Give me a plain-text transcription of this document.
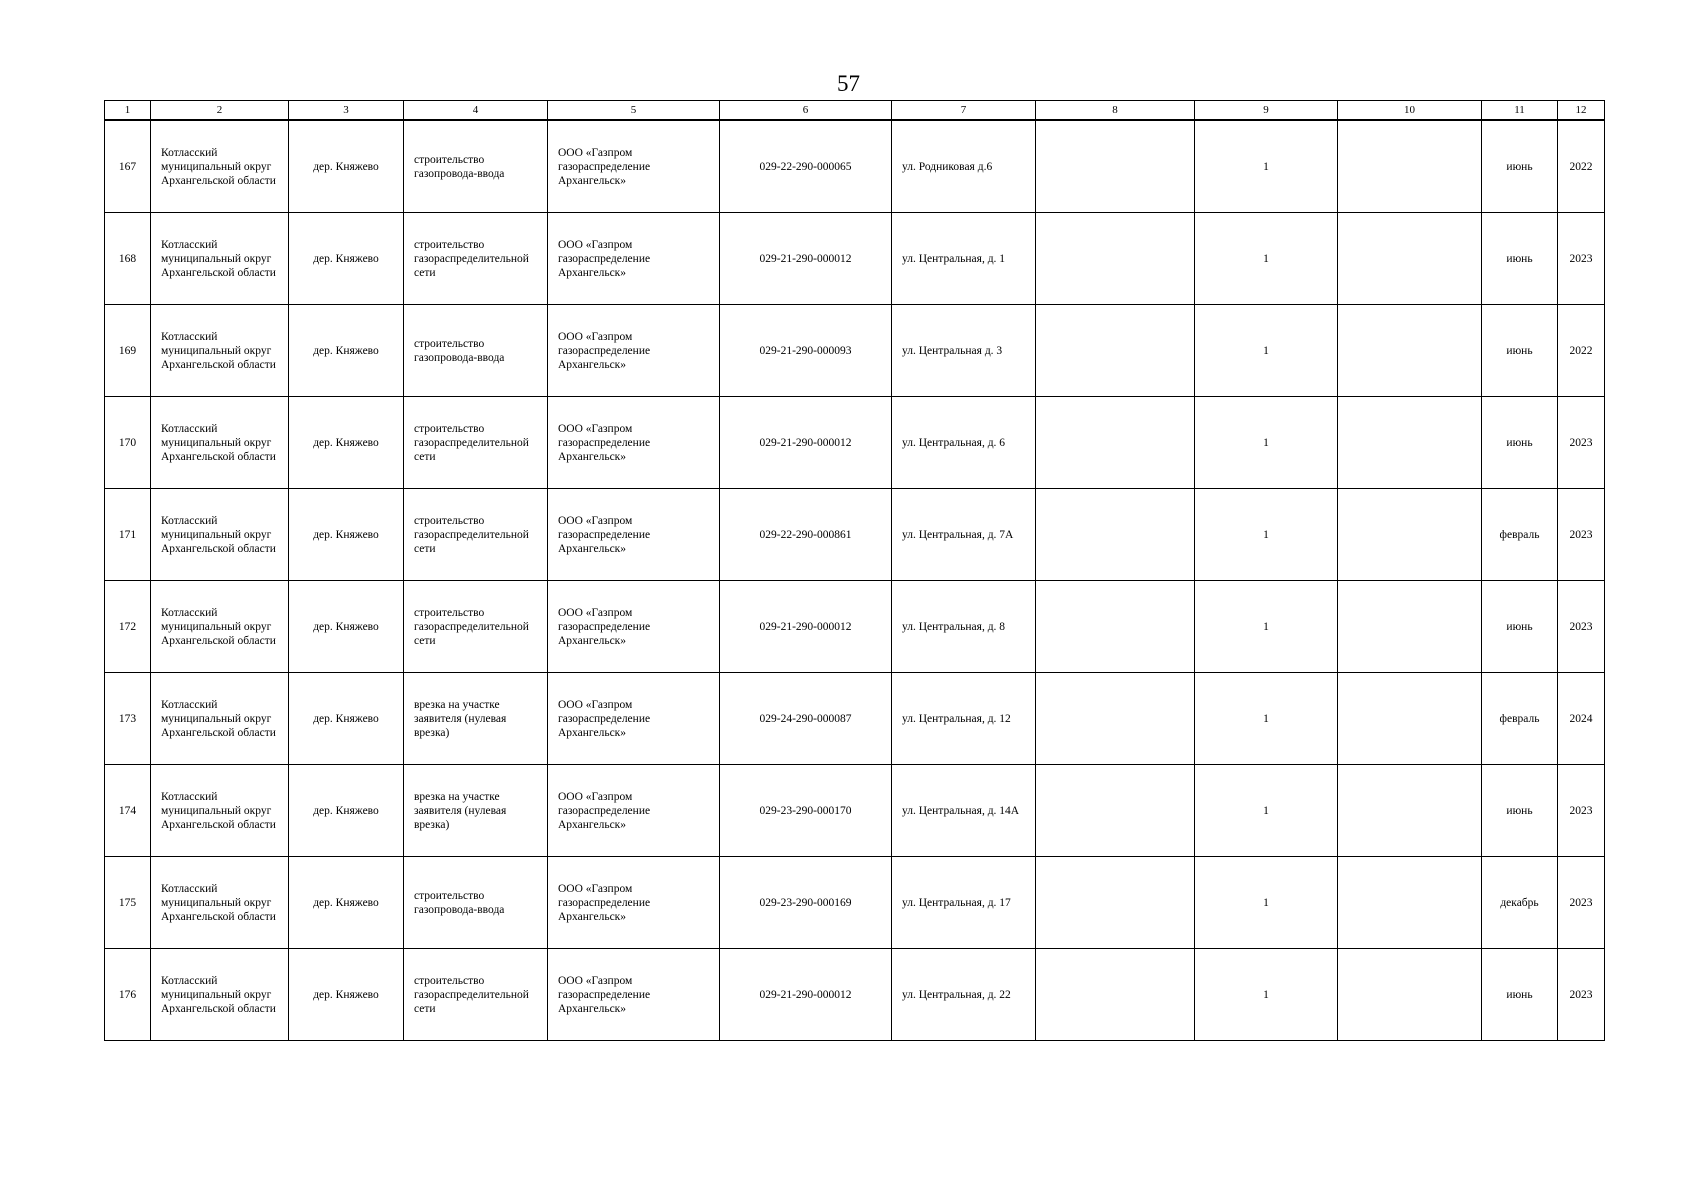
57
1	2	3	4	5	6	7	8	9	10	11	12
167	Котласский муниципальный округ Архангельской области	дер. Княжево	строительство газопровода-ввода	ООО «Газпром газораспределение Архангельск»	029-22-290-000065	ул. Родниковая д.6		1		июнь	2022
168	Котласский муниципальный округ Архангельской области	дер. Княжево	строительство газораспределительной сети	ООО «Газпром газораспределение Архангельск»	029-21-290-000012	ул. Центральная, д. 1		1		июнь	2023
169	Котласский муниципальный округ Архангельской области	дер. Княжево	строительство газопровода-ввода	ООО «Газпром газораспределение Архангельск»	029-21-290-000093	ул. Центральная д. 3		1		июнь	2022
170	Котласский муниципальный округ Архангельской области	дер. Княжево	строительство газораспределительной сети	ООО «Газпром газораспределение Архангельск»	029-21-290-000012	ул. Центральная, д. 6		1		июнь	2023
171	Котласский муниципальный округ Архангельской области	дер. Княжево	строительство газораспределительной сети	ООО «Газпром газораспределение Архангельск»	029-22-290-000861	ул. Центральная, д. 7А		1		февраль	2023
172	Котласский муниципальный округ Архангельской области	дер. Княжево	строительство газораспределительной сети	ООО «Газпром газораспределение Архангельск»	029-21-290-000012	ул. Центральная, д. 8		1		июнь	2023
173	Котласский муниципальный округ Архангельской области	дер. Княжево	врезка на участке заявителя (нулевая врезка)	ООО «Газпром газораспределение Архангельск»	029-24-290-000087	ул. Центральная, д. 12		1		февраль	2024
174	Котласский муниципальный округ Архангельской области	дер. Княжево	врезка на участке заявителя (нулевая врезка)	ООО «Газпром газораспределение Архангельск»	029-23-290-000170	ул. Центральная, д. 14А		1		июнь	2023
175	Котласский муниципальный округ Архангельской области	дер. Княжево	строительство газопровода-ввода	ООО «Газпром газораспределение Архангельск»	029-23-290-000169	ул. Центральная, д. 17		1		декабрь	2023
176	Котласский муниципальный округ Архангельской области	дер. Княжево	строительство газораспределительной сети	ООО «Газпром газораспределение Архангельск»	029-21-290-000012	ул. Центральная, д. 22		1		июнь	2023
